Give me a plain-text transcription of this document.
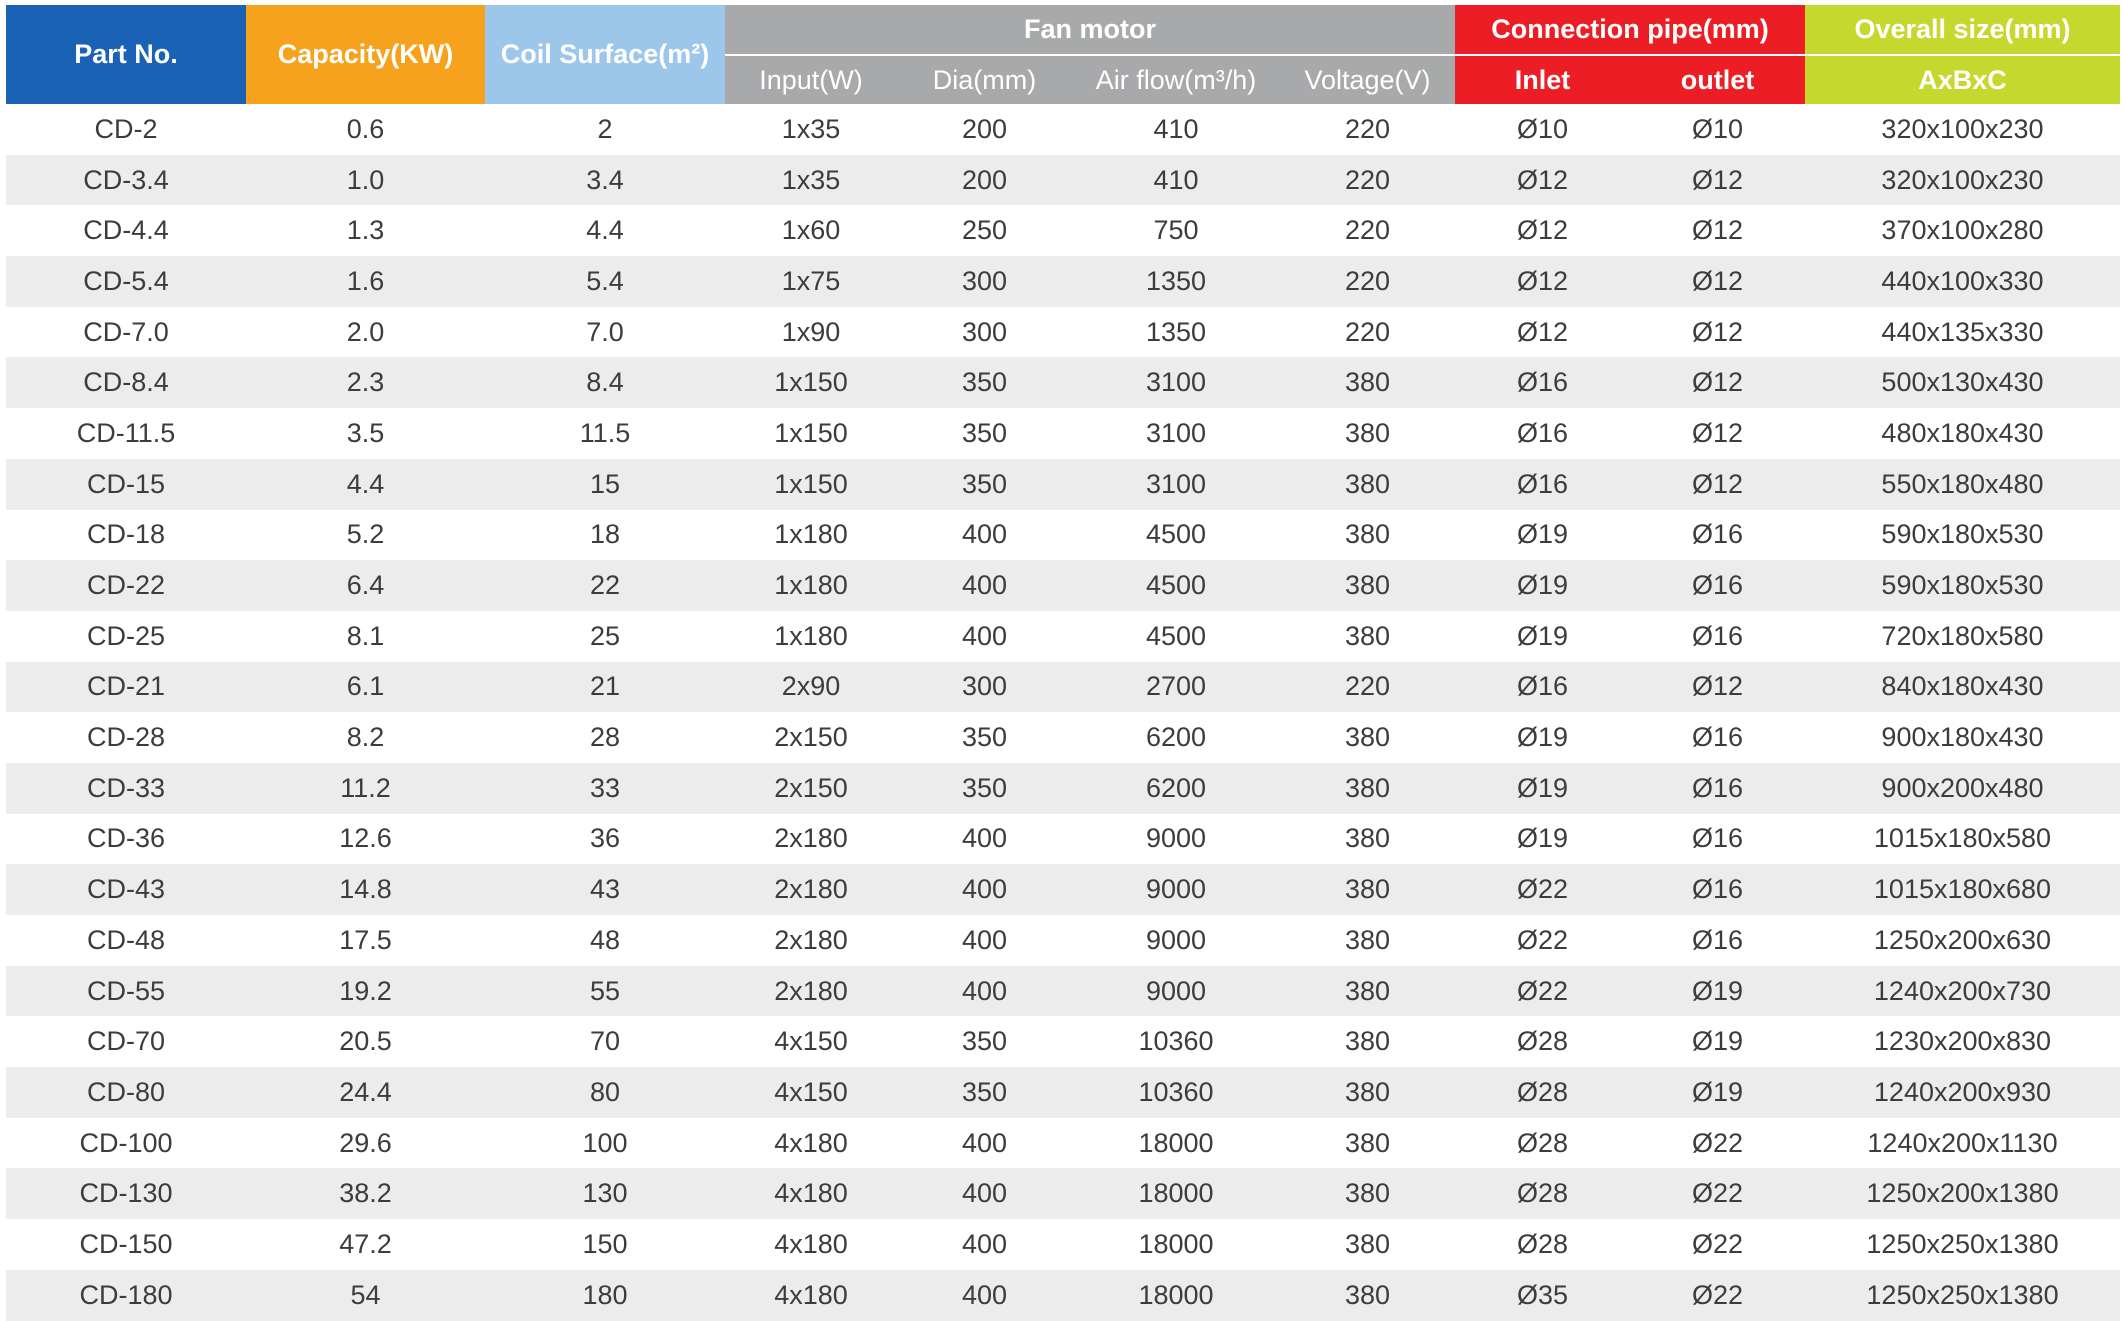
Part No.	Capacity(KW)	Coil Surface(m²)	Fan motor				Connection pipe(mm)		Overall size(mm)
			Input(W)	Dia(mm)	Air flow(m³/h)	Voltage(V)	Inlet	outlet	AxBxC
CD-2	0.6	2	1x35	200	410	220	Ø10	Ø10	320x100x230
CD-3.4	1.0	3.4	1x35	200	410	220	Ø12	Ø12	320x100x230
CD-4.4	1.3	4.4	1x60	250	750	220	Ø12	Ø12	370x100x280
CD-5.4	1.6	5.4	1x75	300	1350	220	Ø12	Ø12	440x100x330
CD-7.0	2.0	7.0	1x90	300	1350	220	Ø12	Ø12	440x135x330
CD-8.4	2.3	8.4	1x150	350	3100	380	Ø16	Ø12	500x130x430
CD-11.5	3.5	11.5	1x150	350	3100	380	Ø16	Ø12	480x180x430
CD-15	4.4	15	1x150	350	3100	380	Ø16	Ø12	550x180x480
CD-18	5.2	18	1x180	400	4500	380	Ø19	Ø16	590x180x530
CD-22	6.4	22	1x180	400	4500	380	Ø19	Ø16	590x180x530
CD-25	8.1	25	1x180	400	4500	380	Ø19	Ø16	720x180x580
CD-21	6.1	21	2x90	300	2700	220	Ø16	Ø12	840x180x430
CD-28	8.2	28	2x150	350	6200	380	Ø19	Ø16	900x180x430
CD-33	11.2	33	2x150	350	6200	380	Ø19	Ø16	900x200x480
CD-36	12.6	36	2x180	400	9000	380	Ø19	Ø16	1015x180x580
CD-43	14.8	43	2x180	400	9000	380	Ø22	Ø16	1015x180x680
CD-48	17.5	48	2x180	400	9000	380	Ø22	Ø16	1250x200x630
CD-55	19.2	55	2x180	400	9000	380	Ø22	Ø19	1240x200x730
CD-70	20.5	70	4x150	350	10360	380	Ø28	Ø19	1230x200x830
CD-80	24.4	80	4x150	350	10360	380	Ø28	Ø19	1240x200x930
CD-100	29.6	100	4x180	400	18000	380	Ø28	Ø22	1240x200x1130
CD-130	38.2	130	4x180	400	18000	380	Ø28	Ø22	1250x200x1380
CD-150	47.2	150	4x180	400	18000	380	Ø28	Ø22	1250x250x1380
CD-180	54	180	4x180	400	18000	380	Ø35	Ø22	1250x250x1380
